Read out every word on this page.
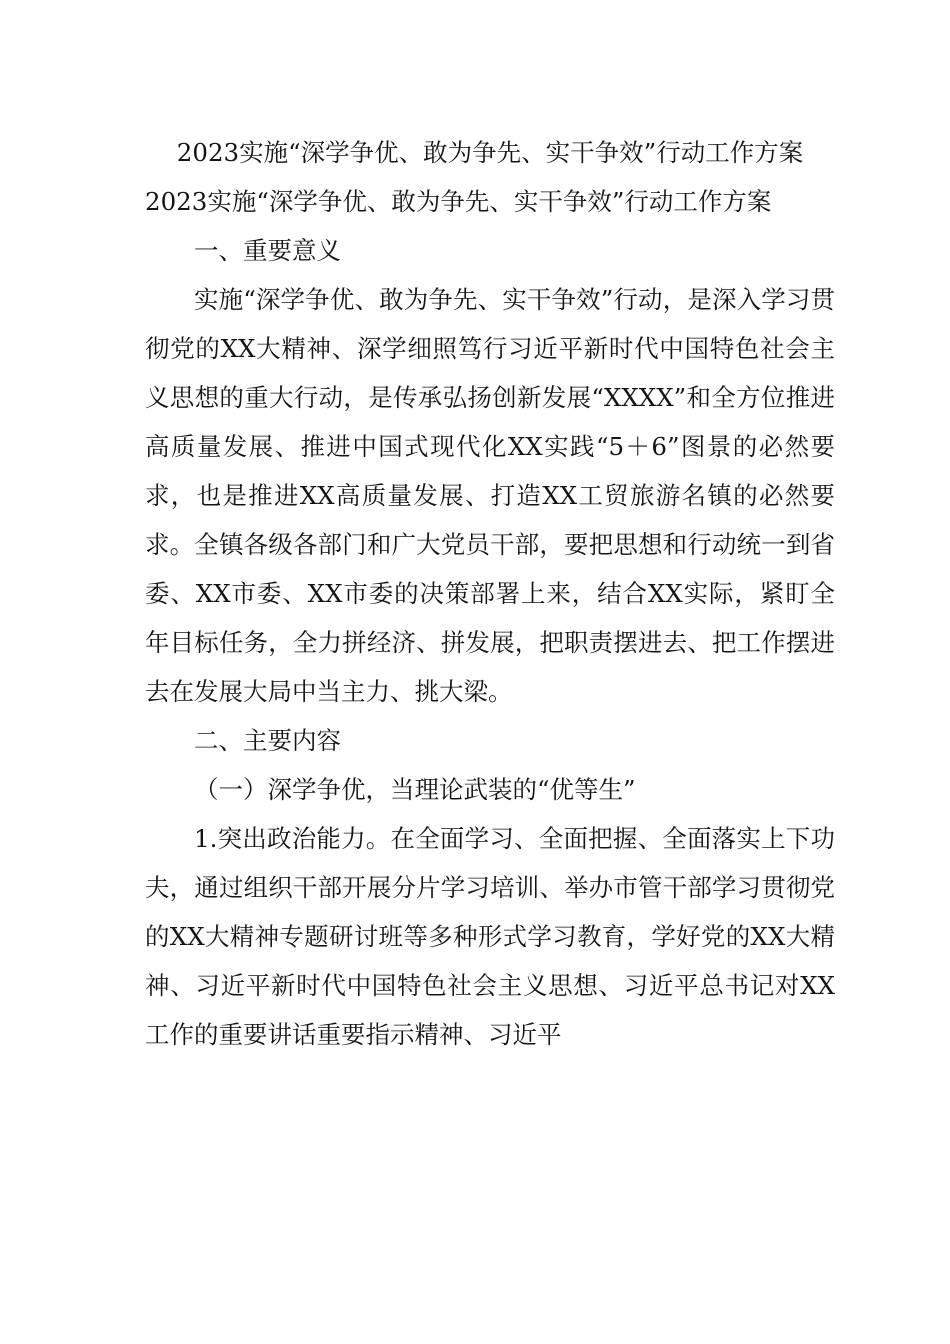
2023实施“深学争优、敢为争先、实干争效”行动工作方案

2023实施“深学争优、敢为争先、实干争效”行动工作方案

一、重要意义

实施“深学争优、敢为争先、实干争效”行动，是深入学习贯彻党的XX大精神、深学细照笃行习近平新时代中国特色社会主义思想的重大行动，是传承弘扬创新发展“XXXX”和全方位推进高质量发展、推进中国式现代化XX实践“5＋6”图景的必然要求，也是推进XX高质量发展、打造XX工贸旅游名镇的必然要求。全镇各级各部门和广大党员干部，要把思想和行动统一到省委、XX市委、XX市委的决策部署上来，结合XX实际，紧盯全年目标任务，全力拼经济、拼发展，把职责摆进去、把工作摆进去在发展大局中当主力、挑大梁。

二、主要内容

（一）深学争优，当理论武装的“优等生”

1.突出政治能力。在全面学习、全面把握、全面落实上下功夫，通过组织干部开展分片学习培训、举办市管干部学习贯彻党的XX大精神专题研讨班等多种形式学习教育，学好党的XX大精神、习近平新时代中国特色社会主义思想、习近平总书记对XX工作的重要讲话重要指示精神、习近平
